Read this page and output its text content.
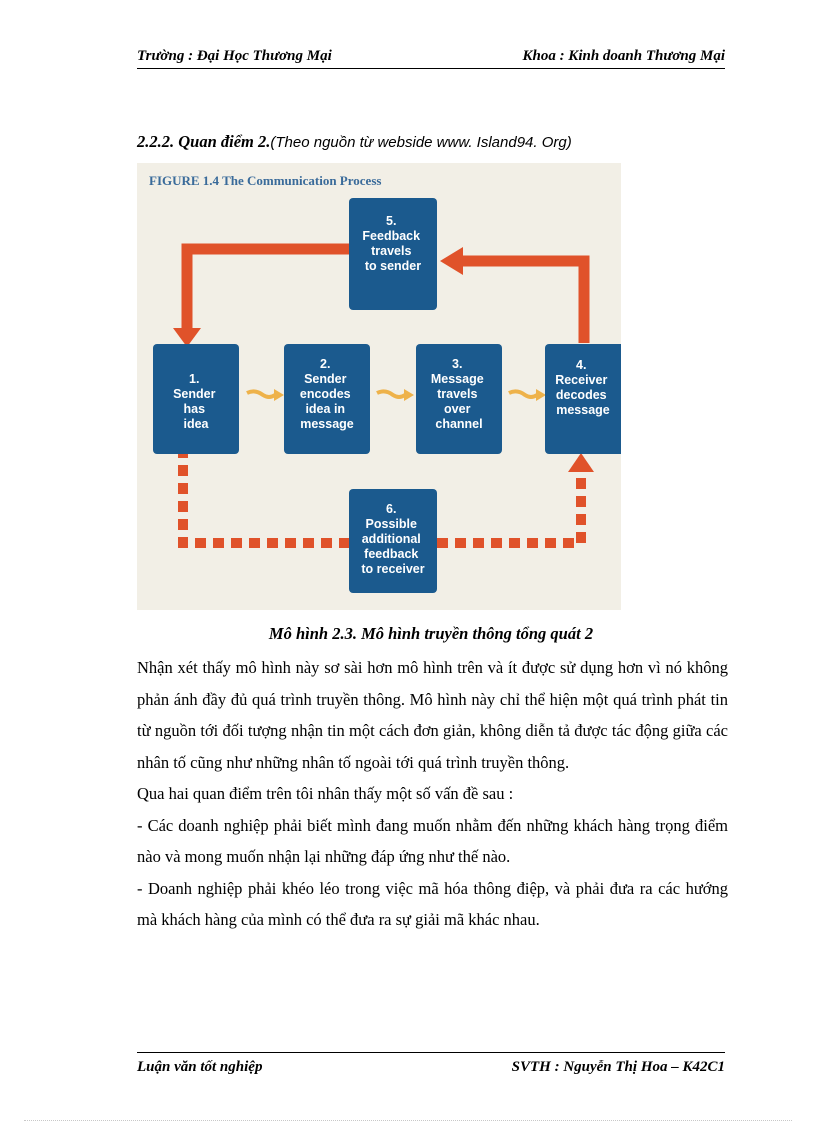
Trường : Đại Học Thương Mại	Khoa : Kinh doanh Thương Mại
2.2.2. Quan điểm 2.(Theo nguồn từ webside www. Island94. Org)
FIGURE 1.4 The Communication Process
1. Sender has idea
2. Sender encodes idea in message
3. Message travels over channel
4. Receiver decodes message
5. Feedback travels to sender
6. Possible additional feedback to receiver
Mô hình 2.3. Mô hình truyền thông tổng quát 2

Nhận xét thấy mô hình này sơ sài hơn mô hình trên và ít được sử dụng hơn vì nó không phản ánh đầy đủ quá trình truyền thông. Mô hình này chỉ thể hiện một quá trình phát tin từ nguồn tới đối tượng nhận tin một cách đơn giản, không diễn tả được tác động giữa các nhân tố cũng như những nhân tố ngoài tới quá trình truyền thông.

Qua hai quan điểm trên tôi nhân thấy một số vấn đề sau :

- Các doanh nghiệp phải biết mình đang muốn nhằm đến những khách hàng trọng điểm nào và mong muốn nhận lại những đáp ứng như thế nào.

- Doanh nghiệp phải khéo léo trong việc mã hóa thông điệp, và phải đưa ra các hướng mà khách hàng của mình có thể đưa ra sự giải mã khác nhau.

Luận văn tốt nghiệp	SVTH : Nguyễn Thị Hoa – K42C1
